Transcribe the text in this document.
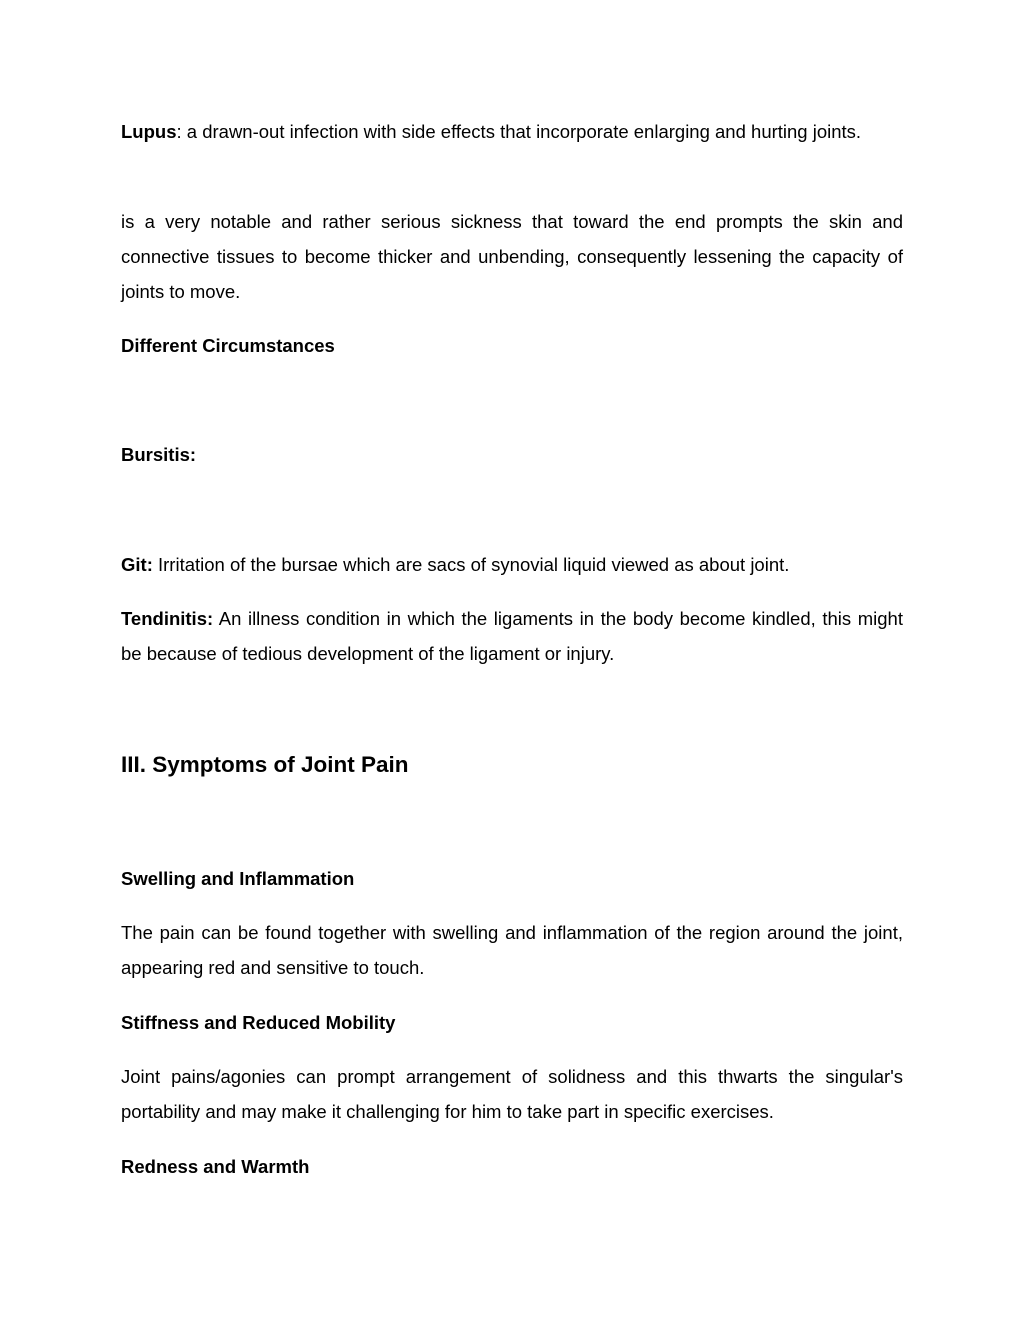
Lupus: a drawn-out infection with side effects that incorporate enlarging and hurting joints.

is a very notable and rather serious sickness that toward the end prompts the skin and connective tissues to become thicker and unbending, consequently lessening the capacity of joints to move.

Different Circumstances

Bursitis:

Git: Irritation of the bursae which are sacs of synovial liquid viewed as about joint.

Tendinitis: An illness condition in which the ligaments in the body become kindled, this might be because of tedious development of the ligament or injury.

III. Symptoms of Joint Pain

Swelling and Inflammation

The pain can be found together with swelling and inflammation of the region around the joint, appearing red and sensitive to touch.

Stiffness and Reduced Mobility

Joint pains/agonies can prompt arrangement of solidness and this thwarts the singular's portability and may make it challenging for him to take part in specific exercises.

Redness and Warmth
